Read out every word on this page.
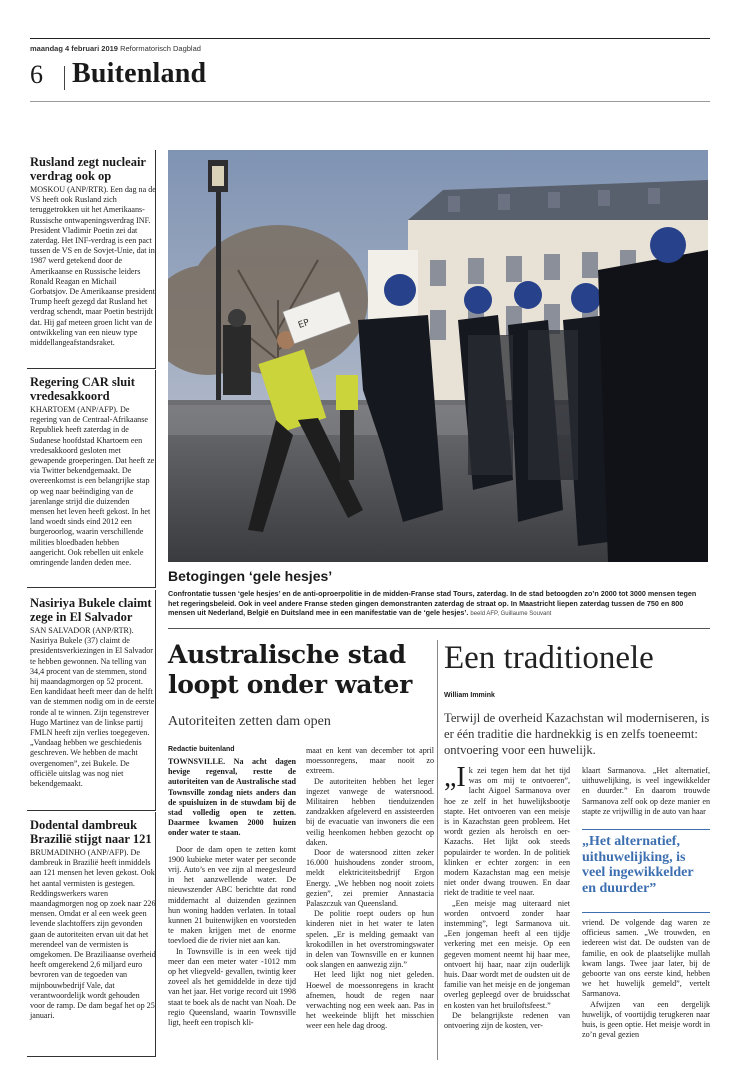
maandag 4 februari 2019 Reformatorisch Dagblad
6 Buitenland

Rusland zegt nucleair verdrag ook op

MOSKOU (ANP/RTR). Een dag na de VS heeft ook Rusland zich teruggetrokken uit het Amerikaans-Russische ontwapeningsverdrag INF. President Vladimir Poetin zei dat zaterdag. Het INF-verdrag is een pact tussen de VS en de Sovjet-Unie, dat in 1987 werd getekend door de Amerikaanse en Russische leiders Ronald Reagan en Michail Gorbatsjov. De Amerikaanse president Trump heeft gezegd dat Rusland het verdrag schendt, maar Poetin bestrijdt dat. Hij gaf meteen groen licht van de ontwikkeling van een nieuw type middellangeafstandsraket.

Regering CAR sluit vredesakkoord

KHARTOEM (ANP/AFP). De regering van de Centraal-Afrikaanse Republiek heeft zaterdag in de Sudanese hoofdstad Khartoem een vredesakkoord gesloten met gewapende groeperingen. Dat heeft ze via Twitter bekendgemaakt. De overeenkomst is een belangrijke stap op weg naar beëindiging van de jarenlange strijd die duizenden mensen het leven heeft gekost. In het land woedt sinds eind 2012 een burgeroorlog, waarin verschillende milities bloedbaden hebben aangericht. Ook rebellen uit enkele omringende landen deden mee.

Nasiriya Bukele claimt zege in El Salvador

SAN SALVADOR (ANP/RTR). Nasiriya Bukele (37) claimt de presidentsverkiezingen in El Salvador te hebben gewonnen. Na telling van 34,4 procent van de stemmen, stond hij maandagmorgen op 52 procent. Een kandidaat heeft meer dan de helft van de stemmen nodig om in de eerste ronde al te winnen. Zijn tegenstrever Hugo Martinez van de linkse partij FMLN heeft zijn verlies toegegeven. „Vandaag hebben we geschiedenis geschreven. We hebben de macht overgenomen”, zei Bukele. De officiële uitslag was nog niet bekendgemaakt.

Dodental dambreuk Brazilië stijgt naar 121

BRUMADINHO (ANP/AFP). De dambreuk in Brazilië heeft inmiddels aan 121 mensen het leven gekost. Ook het aantal vermisten is gestegen. Reddingswerkers waren maandagmorgen nog op zoek naar 226 mensen. Omdat er al een week geen levende slachtoffers zijn gevonden gaan de autoriteiten ervan uit dat het merendeel van de vermisten is omgekomen. De Braziliaanse overheid heeft omgerekend 2,6 miljard euro bevroren van de tegoeden van mijnbouwbedrijf Vale, dat verantwoordelijk wordt gehouden voor de ramp. De dam begaf het op 25 januari.

EP
Betogingen ‘gele hesjes’
Confrontatie tussen ‘gele hesjes’ en de anti-oproerpolitie in de midden-Franse stad Tours, zaterdag. In de stad betoogden zo’n 2000 tot 3000 mensen tegen het regeringsbeleid. Ook in veel andere Franse steden gingen demonstranten zaterdag de straat op. In Maastricht liepen zaterdag tussen de 750 en 800 mensen uit Nederland, België en Duitsland mee in een manifestatie van de ‘gele hesjes’. beeld AFP, Guillaume Souvant
Australische stad loopt onder water
Autoriteiten zetten dam open
Redactie buitenland

TOWNSVILLE. Na acht dagen hevige regenval, restte de autoriteiten van de Australische stad Townsville zondag niets anders dan de spuisluizen in de stuwdam bij de stad volledig open te zetten. Daarmee kwamen 2000 huizen onder water te staan.

Door de dam open te zetten komt 1900 kubieke meter water per seconde vrij. Auto’s en vee zijn al meegesleurd in het aanzwellende water. De nieuwszender ABC berichtte dat rond middernacht al duizenden gezinnen hun woning hadden verlaten. In totaal kunnen 21 buitenwijken en voorsteden te maken krijgen met de enorme toevloed die de rivier niet aan kan.

In Townsville is in een week tijd meer dan een meter water -1012 mm op het vliegveld- gevallen, twintig keer zoveel als het gemiddelde in deze tijd van het jaar. Het vorige record uit 1998 staat te boek als de nacht van Noah. De regio Queensland, waarin Townsville ligt, heeft een tropisch kli-

maat en kent van december tot april moessonregens, maar nooit zo extreem.

De autoriteiten hebben het leger ingezet vanwege de watersnood. Militairen hebben tienduizenden zandzakken afgeleverd en assisteerden bij de evacuatie van inwoners die een veilig heenkomen hebben gezocht op daken.

Door de watersnood zitten zeker 16.000 huishoudens zonder stroom, meldt elektriciteitsbedrijf Ergon Energy. „We hebben nog nooit zoiets gezien”, zei premier Annastacia Palaszczuk van Queensland.

De politie roept ouders op hun kinderen niet in het water te laten spelen. „Er is melding gemaakt van krokodillen in het overstromingswater in delen van Townsville en er kunnen ook slangen en aanwezig zijn.”

Het leed lijkt nog niet geleden. Hoewel de moessonregens in kracht afnemen, houdt de regen naar verwachting nog een week aan. Pas in het weekeinde blijft het misschien weer een hele dag droog.

Een traditionele
William Immink
Terwijl de overheid Kazachstan wil moderniseren, is er één traditie die hardnekkig is en zelfs toeneemt: ontvoering voor een huwelijk.

„I k zei tegen hem dat het tijd was om mij te ontvoeren”, lacht Aigoel Sarmanova over hoe ze zelf in het huwelijksbootje stapte. Het ontvoeren van een meisje is in Kazachstan geen probleem. Het wordt gezien als heroïsch en oer-Kazachs. Het lijkt ook steeds populairder te worden. In de politiek klinken er echter zorgen: in een modern Kazachstan mag een meisje niet onder dwang trouwen. En daar riekt de traditie te veel naar.

„Een meisje mag uiteraard niet worden ontvoerd zonder haar instemming”, legt Sarmanova uit. „Een jongeman heeft al een tijdje verkering met een meisje. Op een gegeven moment neemt hij haar mee, ontvoert hij haar, naar zijn ouderlijk huis. Daar wordt met de oudsten uit de familie van het meisje en de jongeman overleg gepleegd over de bruidsschat en kosten van het bruiloftsfeest.”

De belangrijkste redenen van ontvoering zijn de kosten, ver-

klaart Sarmanova. „Het alternatief, uithuwelijking, is veel ingewikkelder en duurder.” En daarom trouwde Sarmanova zelf ook op deze manier en stapte ze vrijwillig in de auto van haar

„Het alternatief, uithuwelijking, is veel ingewikkelder en duurder”

vriend. De volgende dag waren ze officieus samen. „We trouwden, en iedereen wist dat. De oudsten van de familie, en ook de plaatselijke mullah kwam langs. Twee jaar later, bij de geboorte van ons eerste kind, hebben we het huwelijk gemeld”, vertelt Sarmanova.

Afwijzen van een dergelijk huwelijk, of voortijdig terugkeren naar huis, is geen optie. Het meisje wordt in zo’n geval gezien
